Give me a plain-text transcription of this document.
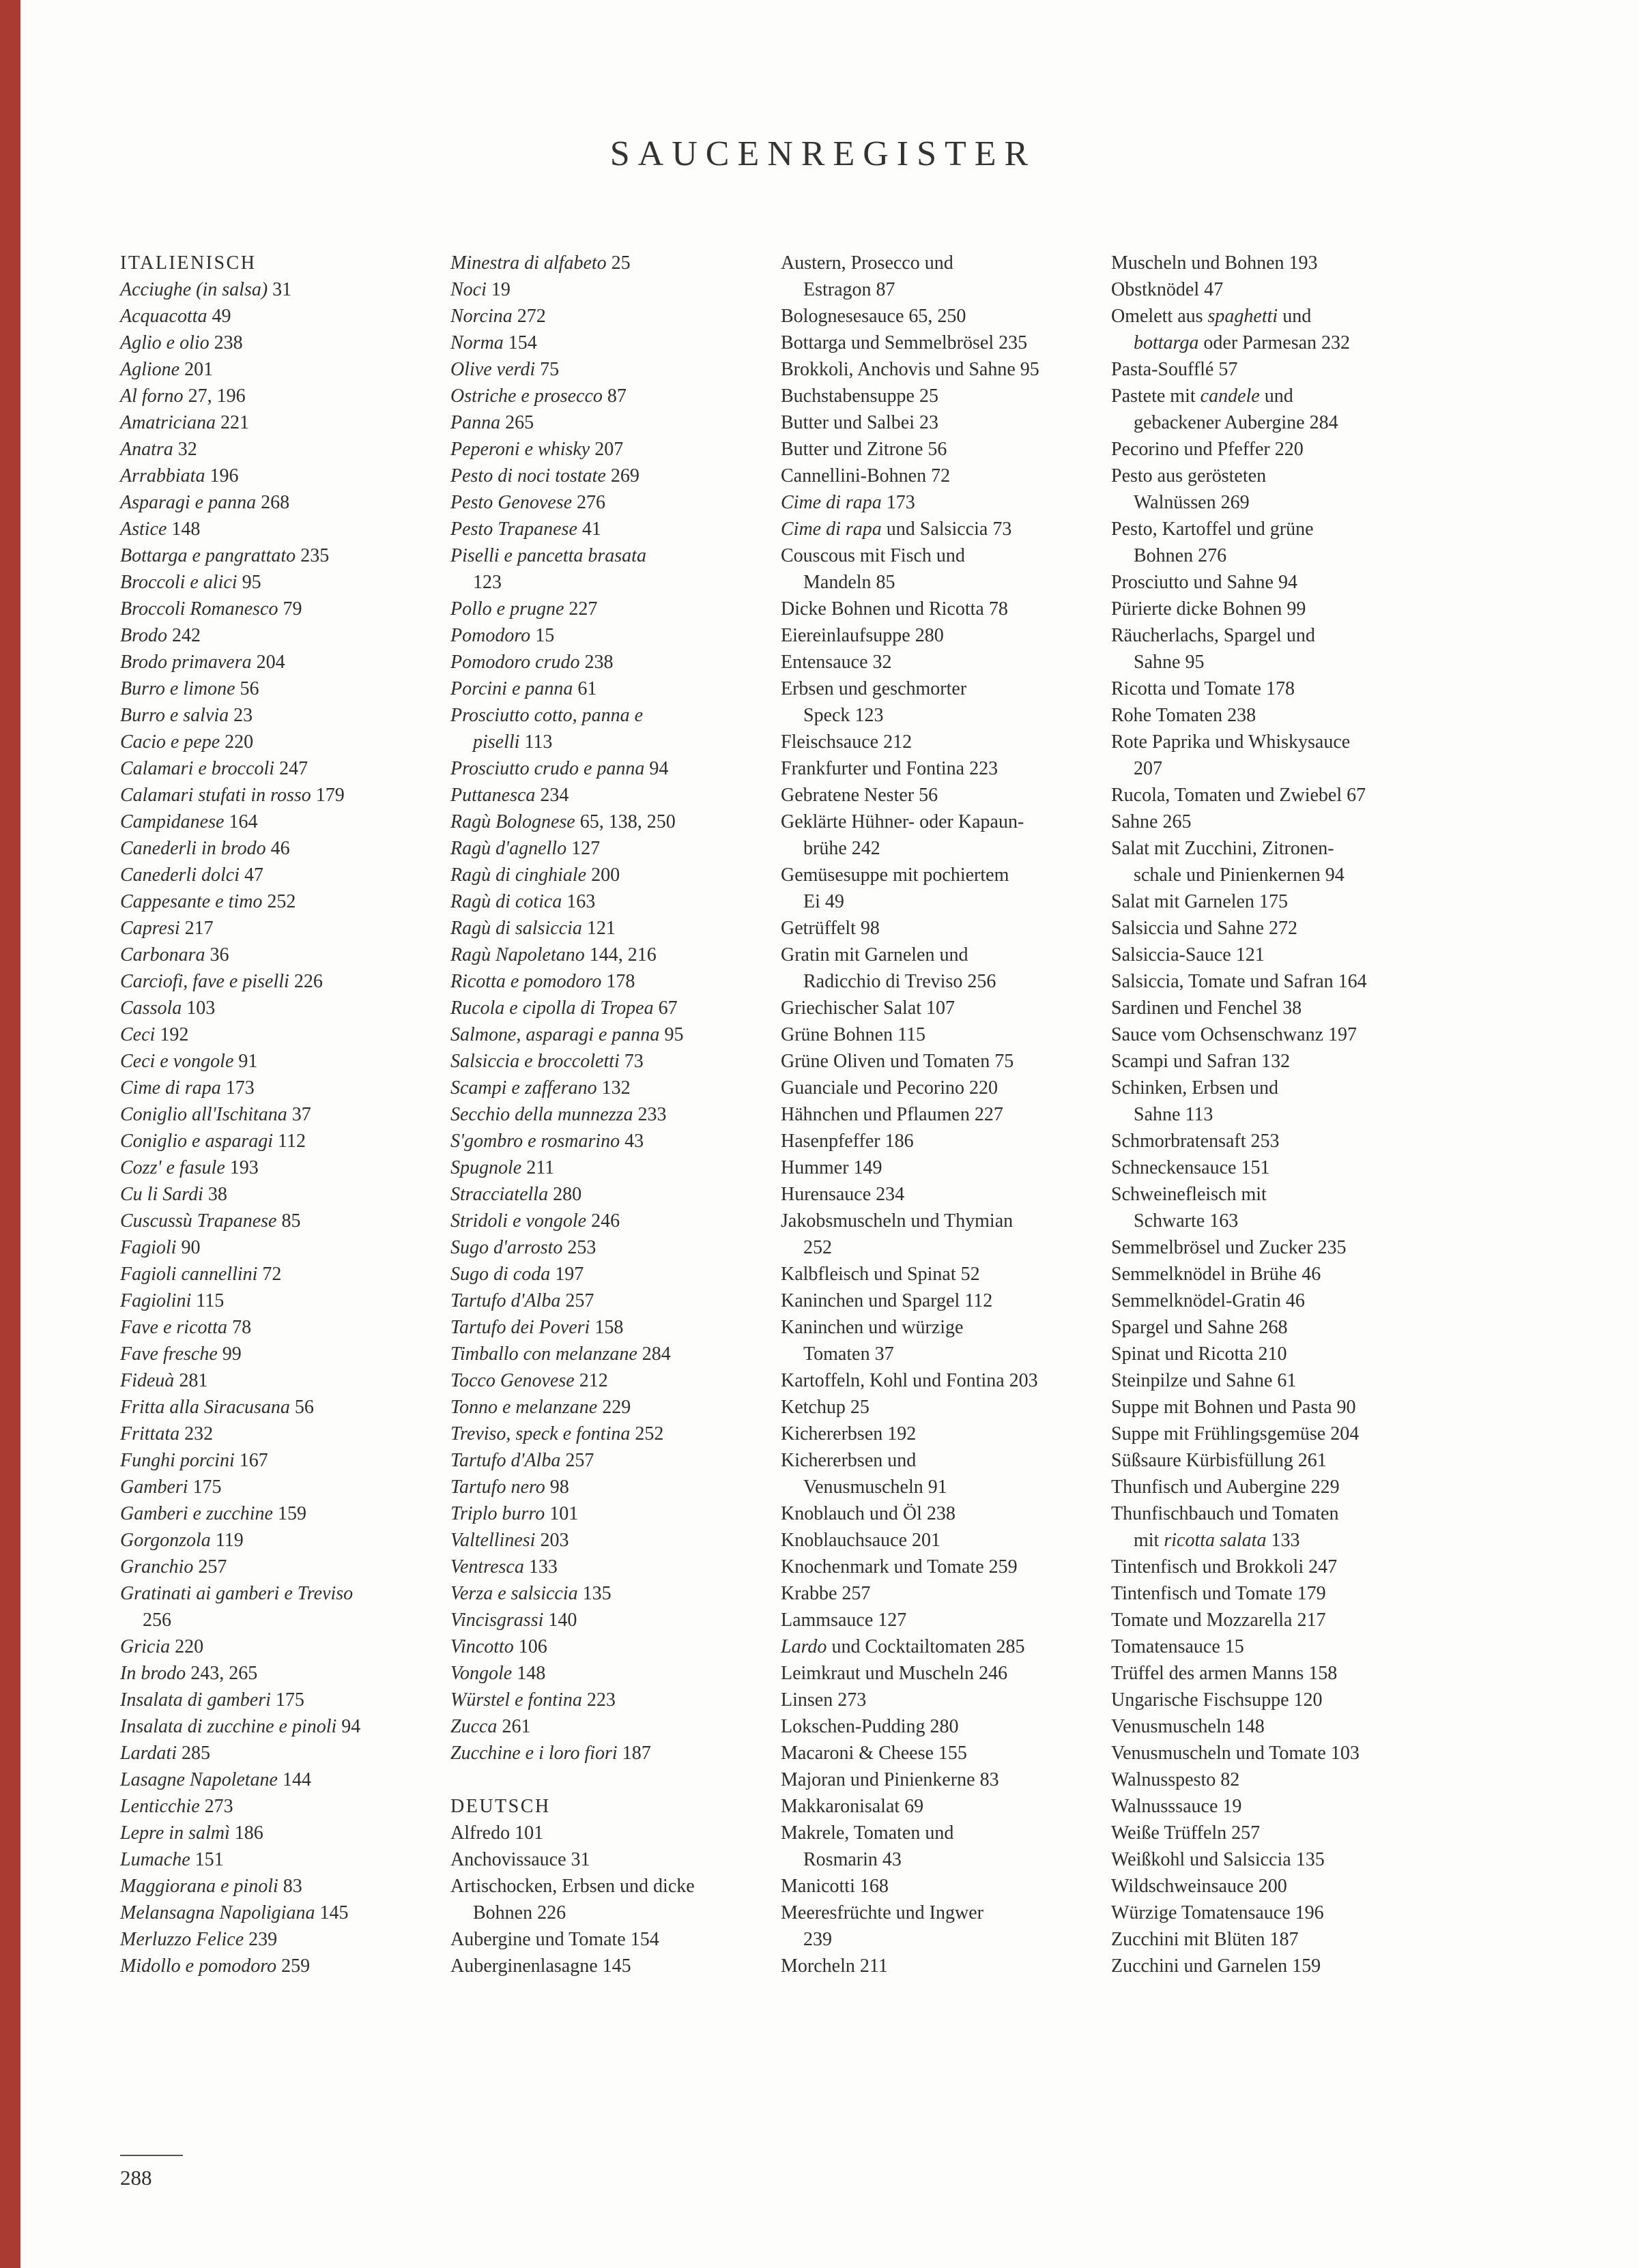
SAUCENREGISTER
ITALIENISCH
Acciughe (in salsa) 31
Acquacotta 49
Aglio e olio 238
Aglione 201
Al forno 27, 196
Amatriciana 221
Anatra 32
Arrabbiata 196
Asparagi e panna 268
Astice 148
Bottarga e pangrattato 235
Broccoli e alici 95
Broccoli Romanesco 79
Brodo 242
Brodo primavera 204
Burro e limone 56
Burro e salvia 23
Cacio e pepe 220
Calamari e broccoli 247
Calamari stufati in rosso 179
Campidanese 164
Canederli in brodo 46
Canederli dolci 47
Cappesante e timo 252
Capresi 217
Carbonara 36
Carciofi, fave e piselli 226
Cassola 103
Ceci 192
Ceci e vongole 91
Cime di rapa 173
Coniglio all'Ischitana 37
Coniglio e asparagi 112
Cozz' e fasule 193
Cu li Sardi 38
Cuscussù Trapanese 85
Fagioli 90
Fagioli cannellini 72
Fagiolini 115
Fave e ricotta 78
Fave fresche 99
Fideuà 281
Fritta alla Siracusana 56
Frittata 232
Funghi porcini 167
Gamberi 175
Gamberi e zucchine 159
Gorgonzola 119
Granchio 257
Gratinati ai gamberi e Treviso
256
Gricia 220
In brodo 243, 265
Insalata di gamberi 175
Insalata di zucchine e pinoli 94
Lardati 285
Lasagne Napoletane 144
Lenticchie 273
Lepre in salmì 186
Lumache 151
Maggiorana e pinoli 83
Melansagna Napoligiana 145
Merluzzo Felice 239
Midollo e pomodoro 259
Minestra di alfabeto 25
Noci 19
Norcina 272
Norma 154
Olive verdi 75
Ostriche e prosecco 87
Panna 265
Peperoni e whisky 207
Pesto di noci tostate 269
Pesto Genovese 276
Pesto Trapanese 41
Piselli e pancetta brasata
123
Pollo e prugne 227
Pomodoro 15
Pomodoro crudo 238
Porcini e panna 61
Prosciutto cotto, panna e
piselli 113
Prosciutto crudo e panna 94
Puttanesca 234
Ragù Bolognese 65, 138, 250
Ragù d'agnello 127
Ragù di cinghiale 200
Ragù di cotica 163
Ragù di salsiccia 121
Ragù Napoletano 144, 216
Ricotta e pomodoro 178
Rucola e cipolla di Tropea 67
Salmone, asparagi e panna 95
Salsiccia e broccoletti 73
Scampi e zafferano 132
Secchio della munnezza 233
S'gombro e rosmarino 43
Spugnole 211
Stracciatella 280
Stridoli e vongole 246
Sugo d'arrosto 253
Sugo di coda 197
Tartufo d'Alba 257
Tartufo dei Poveri 158
Timballo con melanzane 284
Tocco Genovese 212
Tonno e melanzane 229
Treviso, speck e fontina 252
Tartufo d'Alba 257
Tartufo nero 98
Triplo burro 101
Valtellinesi 203
Ventresca 133
Verza e salsiccia 135
Vincisgrassi 140
Vincotto 106
Vongole 148
Würstel e fontina 223
Zucca 261
Zucchine e i loro fiori 187
DEUTSCH
Alfredo 101
Anchovissauce 31
Artischocken, Erbsen und dicke
Bohnen 226
Aubergine und Tomate 154
Auberginenlasagne 145
Austern, Prosecco und
Estragon 87
Bolognesesauce 65, 250
Bottarga und Semmelbrösel 235
Brokkoli, Anchovis und Sahne 95
Buchstabensuppe 25
Butter und Salbei 23
Butter und Zitrone 56
Cannellini-Bohnen 72
Cime di rapa 173
Cime di rapa und Salsiccia 73
Couscous mit Fisch und
Mandeln 85
Dicke Bohnen und Ricotta 78
Eiereinlaufsuppe 280
Entensauce 32
Erbsen und geschmorter
Speck 123
Fleischsauce 212
Frankfurter und Fontina 223
Gebratene Nester 56
Geklärte Hühner- oder Kapaun-
brühe 242
Gemüsesuppe mit pochiertem
Ei 49
Getrüffelt 98
Gratin mit Garnelen und
Radicchio di Treviso 256
Griechischer Salat 107
Grüne Bohnen 115
Grüne Oliven und Tomaten 75
Guanciale und Pecorino 220
Hähnchen und Pflaumen 227
Hasenpfeffer 186
Hummer 149
Hurensauce 234
Jakobsmuscheln und Thymian
252
Kalbfleisch und Spinat 52
Kaninchen und Spargel 112
Kaninchen und würzige
Tomaten 37
Kartoffeln, Kohl und Fontina 203
Ketchup 25
Kichererbsen 192
Kichererbsen und
Venusmuscheln 91
Knoblauch und Öl 238
Knoblauchsauce 201
Knochenmark und Tomate 259
Krabbe 257
Lammsauce 127
Lardo und Cocktailtomaten 285
Leimkraut und Muscheln 246
Linsen 273
Lokschen-Pudding 280
Macaroni & Cheese 155
Majoran und Pinienkerne 83
Makkaronisalat 69
Makrele, Tomaten und
Rosmarin 43
Manicotti 168
Meeresfrüchte und Ingwer
239
Morcheln 211
Muscheln und Bohnen 193
Obstknödel 47
Omelett aus spaghetti und
bottarga oder Parmesan 232
Pasta-Soufflé 57
Pastete mit candele und
gebackener Aubergine 284
Pecorino und Pfeffer 220
Pesto aus gerösteten
Walnüssen 269
Pesto, Kartoffel und grüne
Bohnen 276
Prosciutto und Sahne 94
Pürierte dicke Bohnen 99
Räucherlachs, Spargel und
Sahne 95
Ricotta und Tomate 178
Rohe Tomaten 238
Rote Paprika und Whiskysauce
207
Rucola, Tomaten und Zwiebel 67
Sahne 265
Salat mit Zucchini, Zitronen-
schale und Pinienkernen 94
Salat mit Garnelen 175
Salsiccia und Sahne 272
Salsiccia-Sauce 121
Salsiccia, Tomate und Safran 164
Sardinen und Fenchel 38
Sauce vom Ochsenschwanz 197
Scampi und Safran 132
Schinken, Erbsen und
Sahne 113
Schmorbratensaft 253
Schneckensauce 151
Schweinefleisch mit
Schwarte 163
Semmelbrösel und Zucker 235
Semmelknödel in Brühe 46
Semmelknödel-Gratin 46
Spargel und Sahne 268
Spinat und Ricotta 210
Steinpilze und Sahne 61
Suppe mit Bohnen und Pasta 90
Suppe mit Frühlingsgemüse 204
Süßsaure Kürbisfüllung 261
Thunfisch und Aubergine 229
Thunfischbauch und Tomaten
mit ricotta salata 133
Tintenfisch und Brokkoli 247
Tintenfisch und Tomate 179
Tomate und Mozzarella 217
Tomatensauce 15
Trüffel des armen Manns 158
Ungarische Fischsuppe 120
Venusmuscheln 148
Venusmuscheln und Tomate 103
Walnusspesto 82
Walnusssauce 19
Weiße Trüffeln 257
Weißkohl und Salsiccia 135
Wildschweinsauce 200
Würzige Tomatensauce 196
Zucchini mit Blüten 187
Zucchini und Garnelen 159
288
